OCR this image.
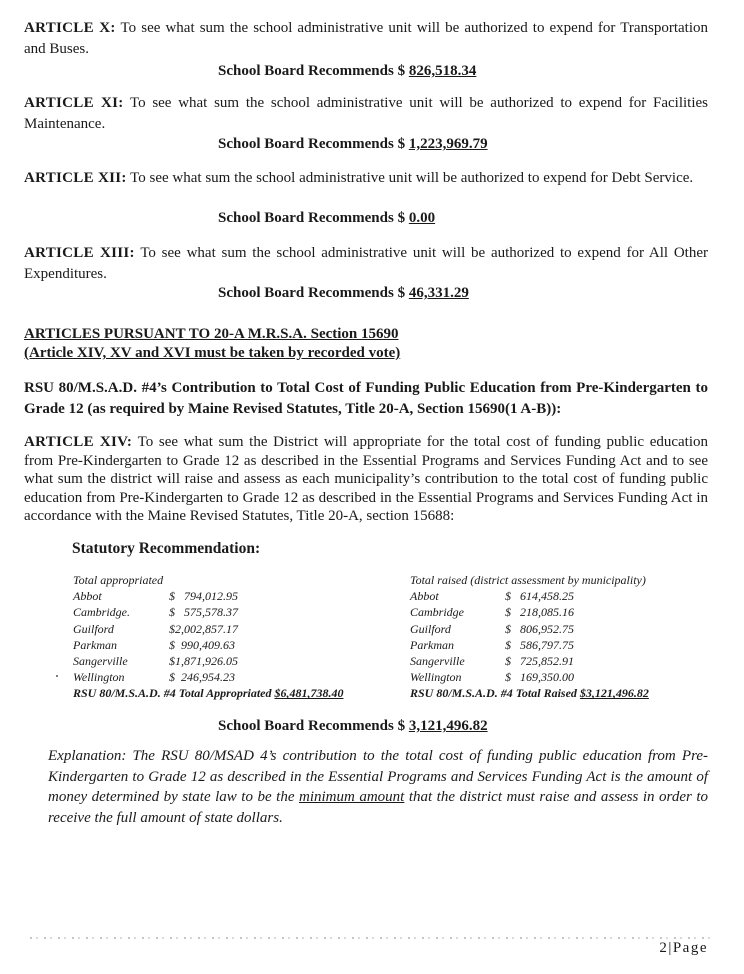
ARTICLE X: To see what sum the school administrative unit will be authorized to expend for Transportation and Buses.
School Board Recommends $ 826,518.34
ARTICLE XI: To see what sum the school administrative unit will be authorized to expend for Facilities Maintenance.
School Board Recommends $ 1,223,969.79
ARTICLE XII: To see what sum the school administrative unit will be authorized to expend for Debt Service.
School Board Recommends $ 0.00
ARTICLE XIII: To see what sum the school administrative unit will be authorized to expend for All Other Expenditures.
School Board Recommends $ 46,331.29
ARTICLES PURSUANT TO 20-A M.R.S.A. Section 15690
(Article XIV, XV and XVI must be taken by recorded vote)
RSU 80/M.S.A.D. #4’s Contribution to Total Cost of Funding Public Education from Pre-Kindergarten to Grade 12 (as required by Maine Revised Statutes, Title 20-A, Section 15690(1 A-B)):
ARTICLE XIV: To see what sum the District will appropriate for the total cost of funding public education from Pre-Kindergarten to Grade 12 as described in the Essential Programs and Services Funding Act and to see what sum the district will raise and assess as each municipality’s contribution to the total cost of funding public education from Pre-Kindergarten to Grade 12 as described in the Essential Programs and Services Funding Act in accordance with the Maine Revised Statutes, Title 20-A, section 15688:
Statutory Recommendation:
Total appropriated
Abbot	$   794,012.95
Cambridge.	$   575,578.37
Guilford	$2,002,857.17
Parkman	$  990,409.63
Sangerville	$1,871,926.05
Wellington	$  246,954.23
RSU 80/M.S.A.D. #4 Total Appropriated $6,481,738.40
Total raised (district assessment by municipality)
Abbot	$   614,458.25
Cambridge	$   218,085.16
Guilford	$   806,952.75
Parkman	$   586,797.75
Sangerville	$   725,852.91
Wellington	$   169,350.00
RSU 80/M.S.A.D. #4 Total Raised $3,121,496.82
School Board Recommends $ 3,121,496.82
Explanation: The RSU 80/MSAD 4’s contribution to the total cost of funding public education from Pre-Kindergarten to Grade 12 as described in the Essential Programs and Services Funding Act is the amount of money determined by state law to be the minimum amount that the district must raise and assess in order to receive the full amount of state dollars.
2|Page
